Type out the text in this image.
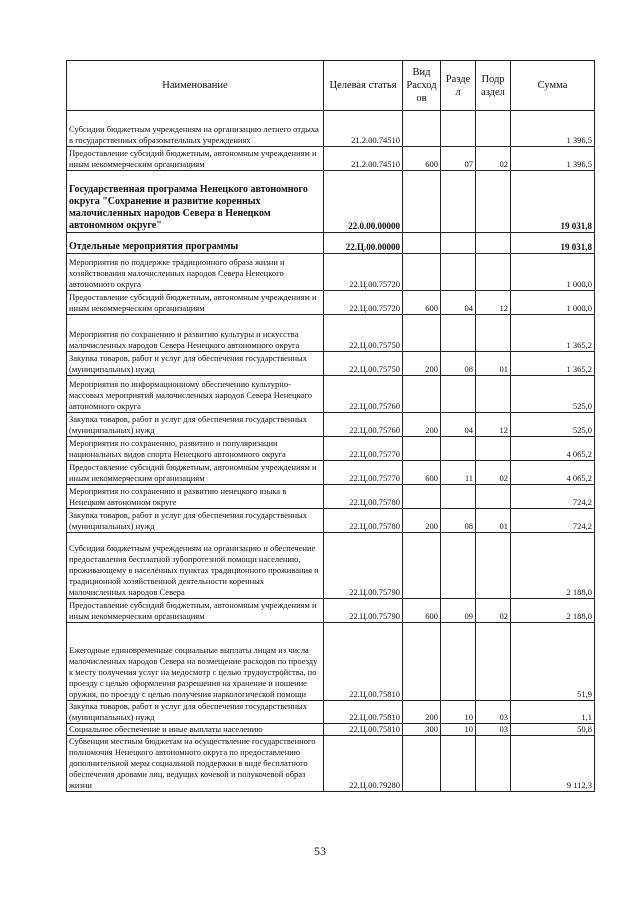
Наименование	Целевая статья	Вид Расход ов	Разде л	Подр аздел	Сумма
Субсидии бюджетным учреждениям на организацию летнего отдыха в государственных образовательных учреждениях	21.2.00.74510				1 396,5
Предоставление субсидий бюджетным, автономным учреждениям и иным некоммерческим организациям	21.2.00.74510	600	07	02	1 396,5
Государственная программа Ненецкого автономного округа "Сохранение и развитие коренных малочисленных народов Севера в Ненецком автономном округе"	22.0.00.00000				19 031,8
Отдельные мероприятия программы	22.Ц.00.00000				19 031,8
Мероприятия по поддержке традиционного образа жизни и хозяйствования малочисленных народов Севера Ненецкого автономного округа	22.Ц.00.75720				1 000,0
Предоставление субсидий бюджетным, автономным учреждениям и иным некоммерческим организациям	22.Ц.00.75720	600	04	12	1 000,0
Мероприятия по сохранению и развитию культуры и искусства малочисленных народов Севера Ненецкого автономного округа	22.Ц.00.75750				1 365,2
Закупка товаров, работ и услуг для обеспечения государственных (муниципальных) нужд	22.Ц.00.75750	200	08	01	1 365,2
Мероприятия по информационному обеспечению культурно-массовых мероприятий малочисленных народов Севера Ненецкого автономного округа	22.Ц.00.75760				525,0
Закупка товаров, работ и услуг для обеспечения государственных (муниципальных) нужд	22.Ц.00.75760	200	04	12	525,0
Мероприятия по сохранению, развитию и популяризации национальных видов спорта Ненецкого автономного округа	22.Ц.00.75770				4 065,2
Предоставление субсидий бюджетным, автономным учреждениям и иным некоммерческим организациям	22.Ц.00.75770	600	11	02	4 065,2
Мероприятия по сохранению и развитию ненецкого языка в Ненецком автономном округе	22.Ц.00.75780				724,2
Закупка товаров, работ и услуг для обеспечения государственных (муниципальных) нужд	22.Ц.00.75780	200	08	01	724,2
Субсидии бюджетным учреждениям на организацию и обеспечение предоставления бесплатной зубопротезной помощи населению, проживающему в населённых пунктах традиционного проживания и традиционной хозяйственной деятельности коренных малочисленных народов Севера	22.Ц.00.75790				2 188,0
Предоставление субсидий бюджетным, автономным учреждениям и иным некоммерческим организациям	22.Ц.00.75790	600	09	02	2 188,0
Ежегодные единовременные социальные выплаты лицам из числа малочисленных народов Севера на возмещение расходов по проезду к месту получения услуг на медосмотр с целью трудоустройства, по проезду с целью оформления разрешения на хранение и ношение оружия, по проезду с целью получения наркологической помощи	22.Ц.00.75810				51,9
Закупка товаров, работ и услуг для обеспечения государственных (муниципальных) нужд	22.Ц.00.75810	200	10	03	1,1
Социальное обеспечение и иные выплаты населению	22.Ц.00.75810	300	10	03	50,8
Субвенция местным бюджетам на осуществление государственного полномочия Ненецкого автономного округа по предоставлению дополнительной меры социальной поддержки в виде бесплатного обеспечения дровами лиц, ведущих кочевой и полукочевой образ жизни	22.Ц.00.79280				9 112,3
53
